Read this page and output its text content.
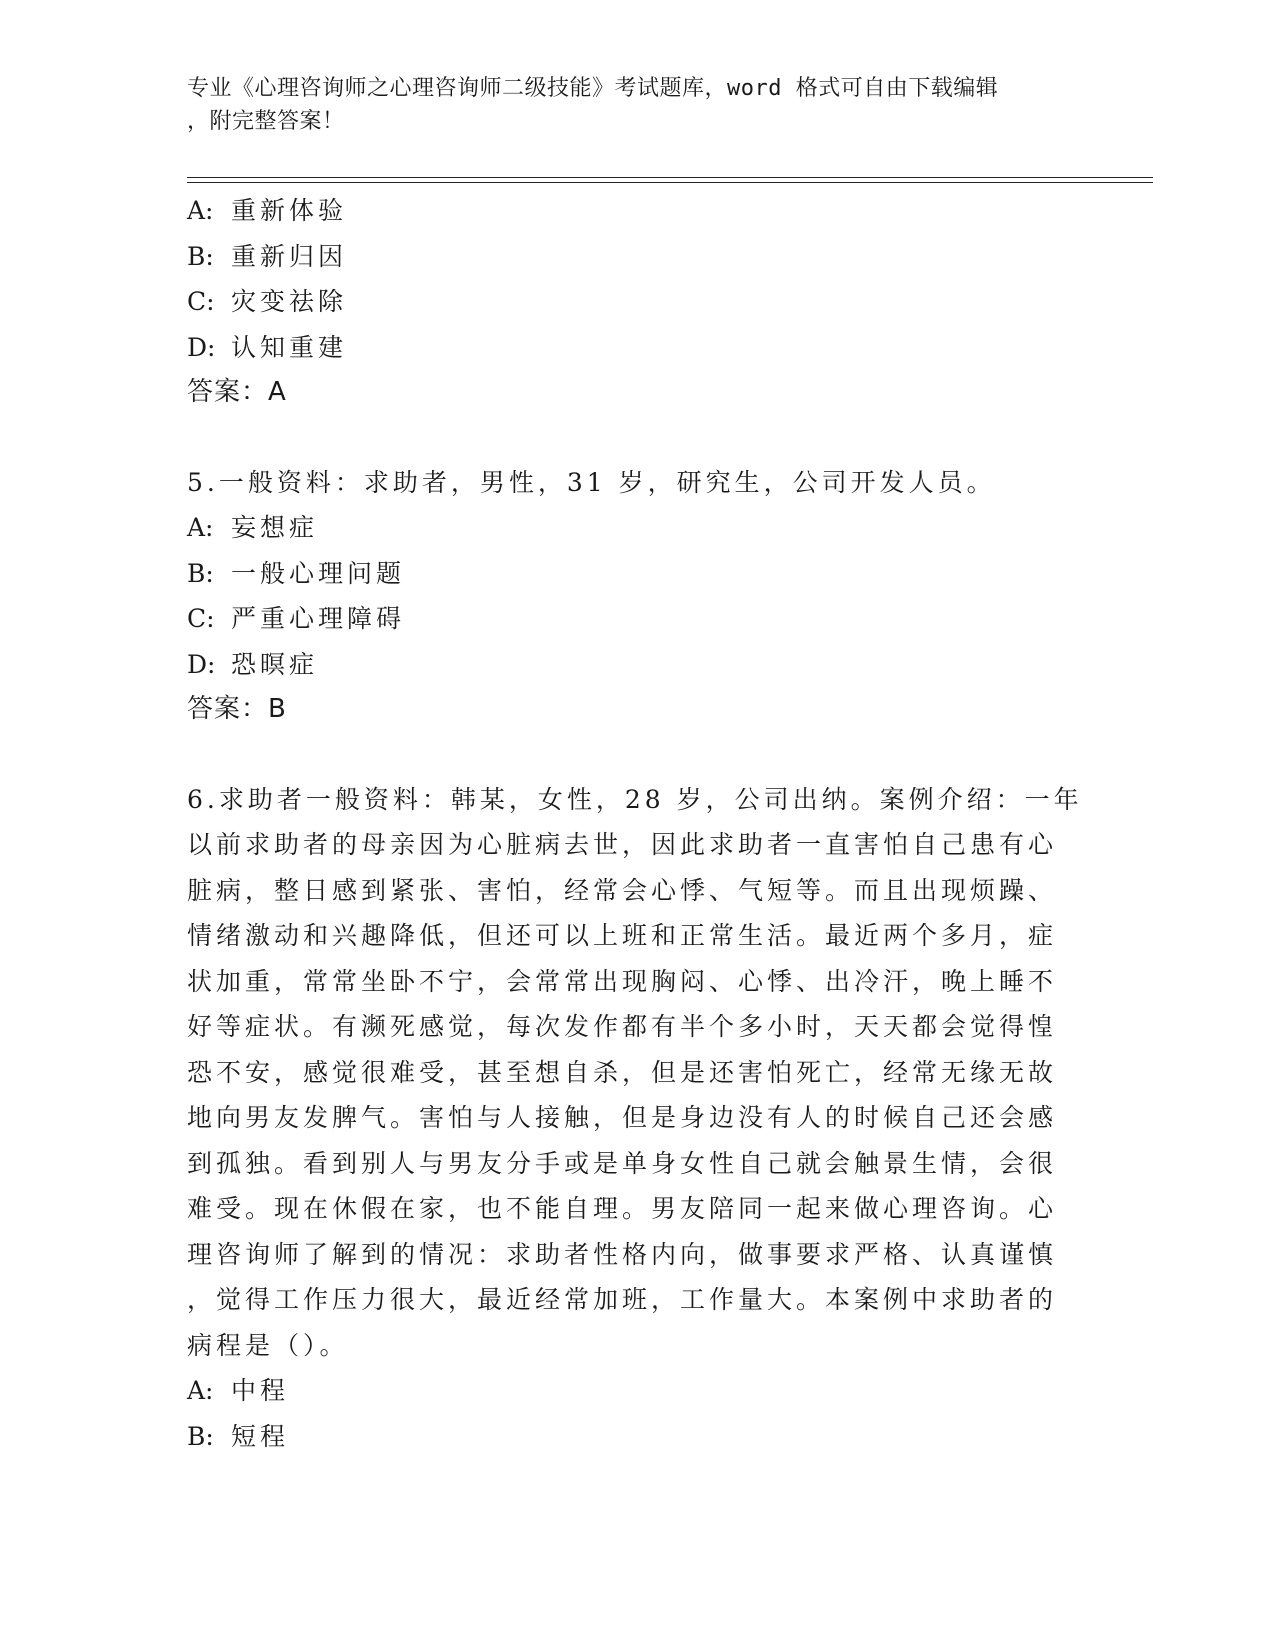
专业《心理咨询师之心理咨询师二级技能》考试题库，word 格式可自由下载编辑
，附完整答案！
A: 重新体验
B: 重新归因
C: 灾变祛除
D: 认知重建
答案：A
5.一般资料：求助者，男性，31 岁，研究生，公司开发人员。
A: 妄想症
B: 一般心理问题
C: 严重心理障碍
D: 恐暝症
答案：B
6.求助者一般资料：韩某，女性，28 岁，公司出纳。案例介绍：一年
以前求助者的母亲因为心脏病去世，因此求助者一直害怕自己患有心
脏病，整日感到紧张、害怕，经常会心悸、气短等。而且出现烦躁、
情绪激动和兴趣降低，但还可以上班和正常生活。最近两个多月，症
状加重，常常坐卧不宁，会常常出现胸闷、心悸、出冷汗，晚上睡不
好等症状。有濒死感觉，每次发作都有半个多小时，天天都会觉得惶
恐不安，感觉很难受，甚至想自杀，但是还害怕死亡，经常无缘无故
地向男友发脾气。害怕与人接触，但是身边没有人的时候自己还会感
到孤独。看到别人与男友分手或是单身女性自己就会触景生情，会很
难受。现在休假在家，也不能自理。男友陪同一起来做心理咨询。心
理咨询师了解到的情况：求助者性格内向，做事要求严格、认真谨慎
，觉得工作压力很大，最近经常加班，工作量大。本案例中求助者的
病程是（）。
A: 中程
B: 短程
